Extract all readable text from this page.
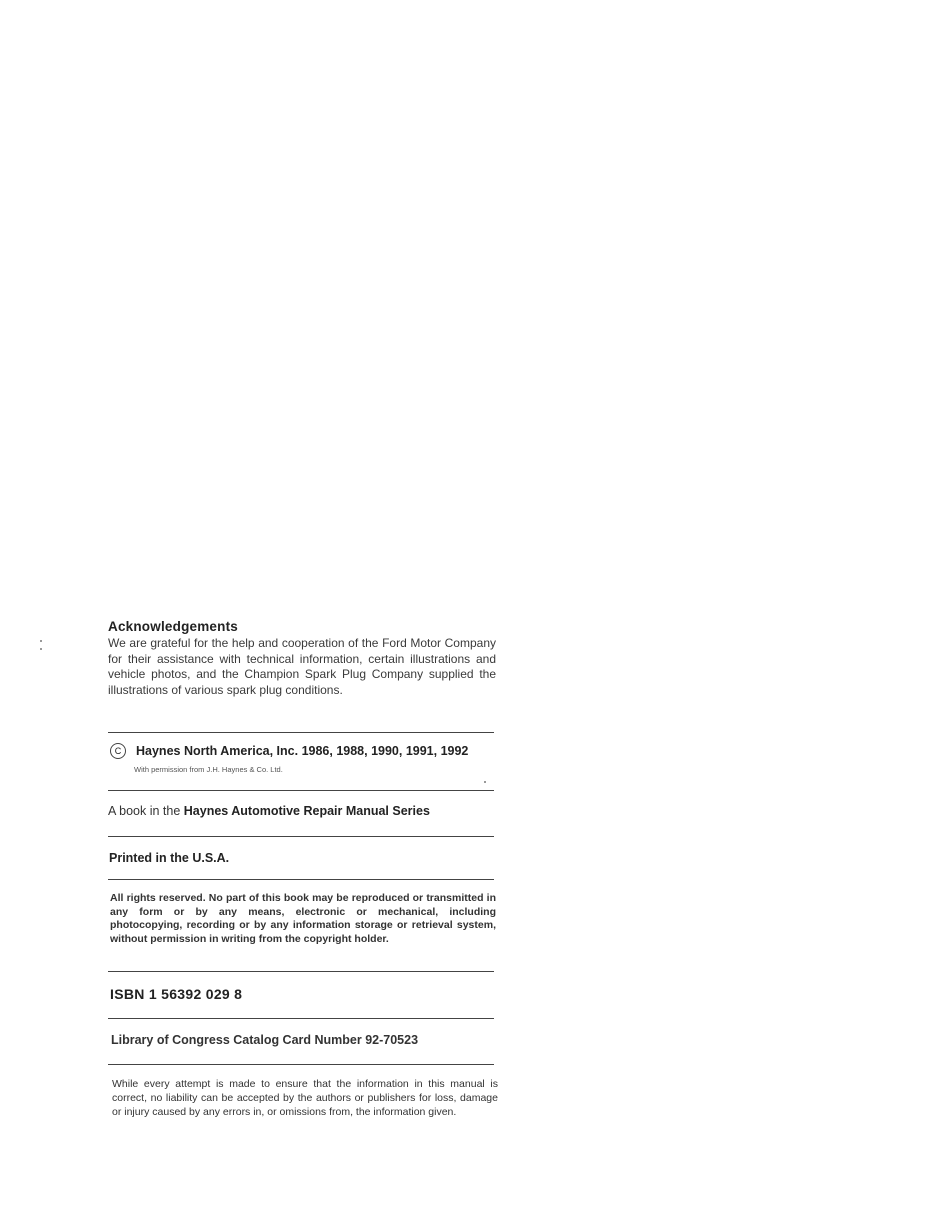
Acknowledgements
We are grateful for the help and cooperation of the Ford Motor Company for their assistance with technical information, certain illustrations and vehicle photos, and the Champion Spark Plug Company supplied the illustrations of various spark plug conditions.
C Haynes North America, Inc. 1986, 1988, 1990, 1991, 1992
With permission from J.H. Haynes & Co. Ltd.
A book in the Haynes Automotive Repair Manual Series
Printed in the U.S.A.
All rights reserved. No part of this book may be reproduced or transmitted in any form or by any means, electronic or mechanical, including photocopying, recording or by any information storage or retrieval system, without permission in writing from the copyright holder.
ISBN 1 56392 029 8
Library of Congress Catalog Card Number 92-70523
While every attempt is made to ensure that the information in this manual is correct, no liability can be accepted by the authors or publishers for loss, damage or injury caused by any errors in, or omissions from, the information given.
